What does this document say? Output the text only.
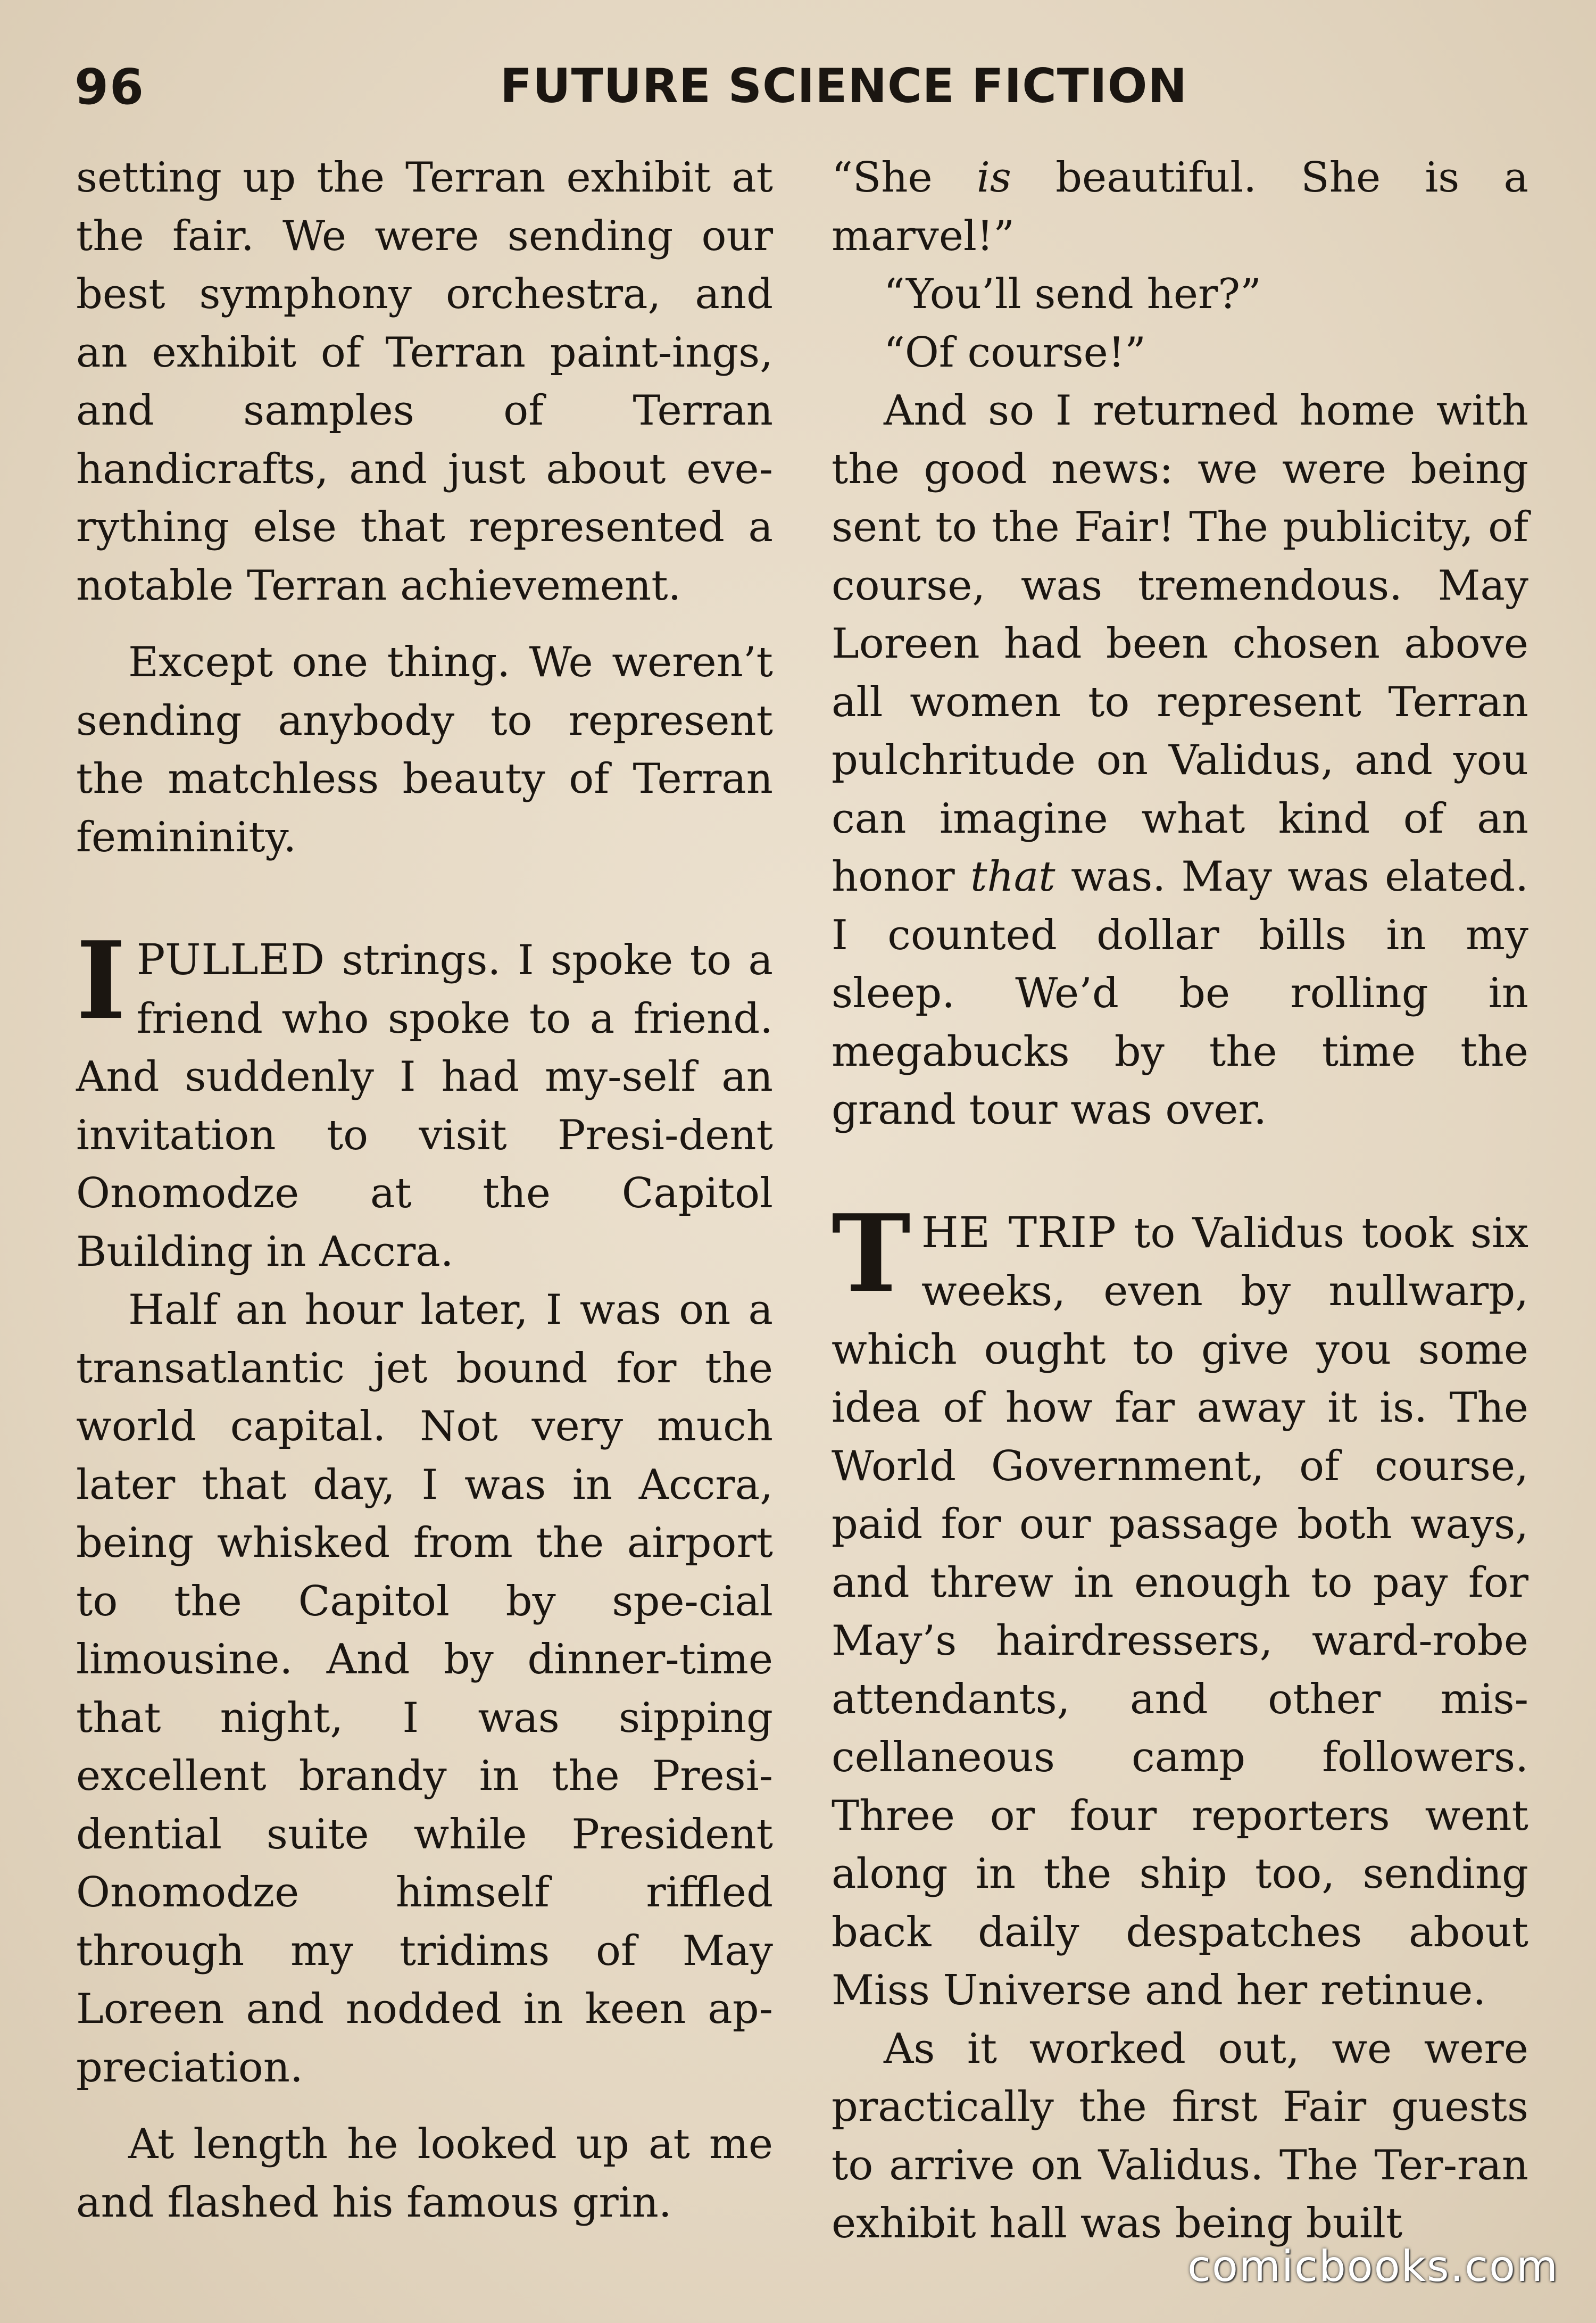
96	FUTURE SCIENCE FICTION

setting up the Terran exhibit at the fair. We were sending our best symphony orchestra, and an exhibit of Terran paint-ings, and samples of Terran handicrafts, and just about eve-rything else that represented a notable Terran achievement.

Except one thing. We weren’t sending anybody to represent the matchless beauty of Terran femininity.

I PULLED strings. I spoke to a friend who spoke to a friend. And suddenly I had my-self an invitation to visit Presi-dent Onomodze at the Capitol Building in Accra.

Half an hour later, I was on a transatlantic jet bound for the world capital. Not very much later that day, I was in Accra, being whisked from the airport to the Capitol by spe-cial limousine. And by dinner-time that night, I was sipping excellent brandy in the Presi-dential suite while President Onomodze himself riffled through my tridims of May Loreen and nodded in keen ap-preciation.

At length he looked up at me and flashed his famous grin.

“She is beautiful. She is a marvel!”

“You’ll send her?”

“Of course!”

And so I returned home with the good news: we were being sent to the Fair! The publicity, of course, was tremendous. May Loreen had been chosen above all women to represent Terran pulchritude on Validus, and you can imagine what kind of an honor that was. May was elated. I counted dollar bills in my sleep. We’d be rolling in megabucks by the time the grand tour was over.

T HE TRIP to Validus took six weeks, even by nullwarp, which ought to give you some idea of how far away it is. The World Government, of course, paid for our passage both ways, and threw in enough to pay for May’s hairdressers, ward-robe attendants, and other mis-cellaneous camp followers. Three or four reporters went along in the ship too, sending back daily despatches about Miss Universe and her retinue.

As it worked out, we were practically the first Fair guests to arrive on Validus. The Ter-ran exhibit hall was being built

comicbooks.com
